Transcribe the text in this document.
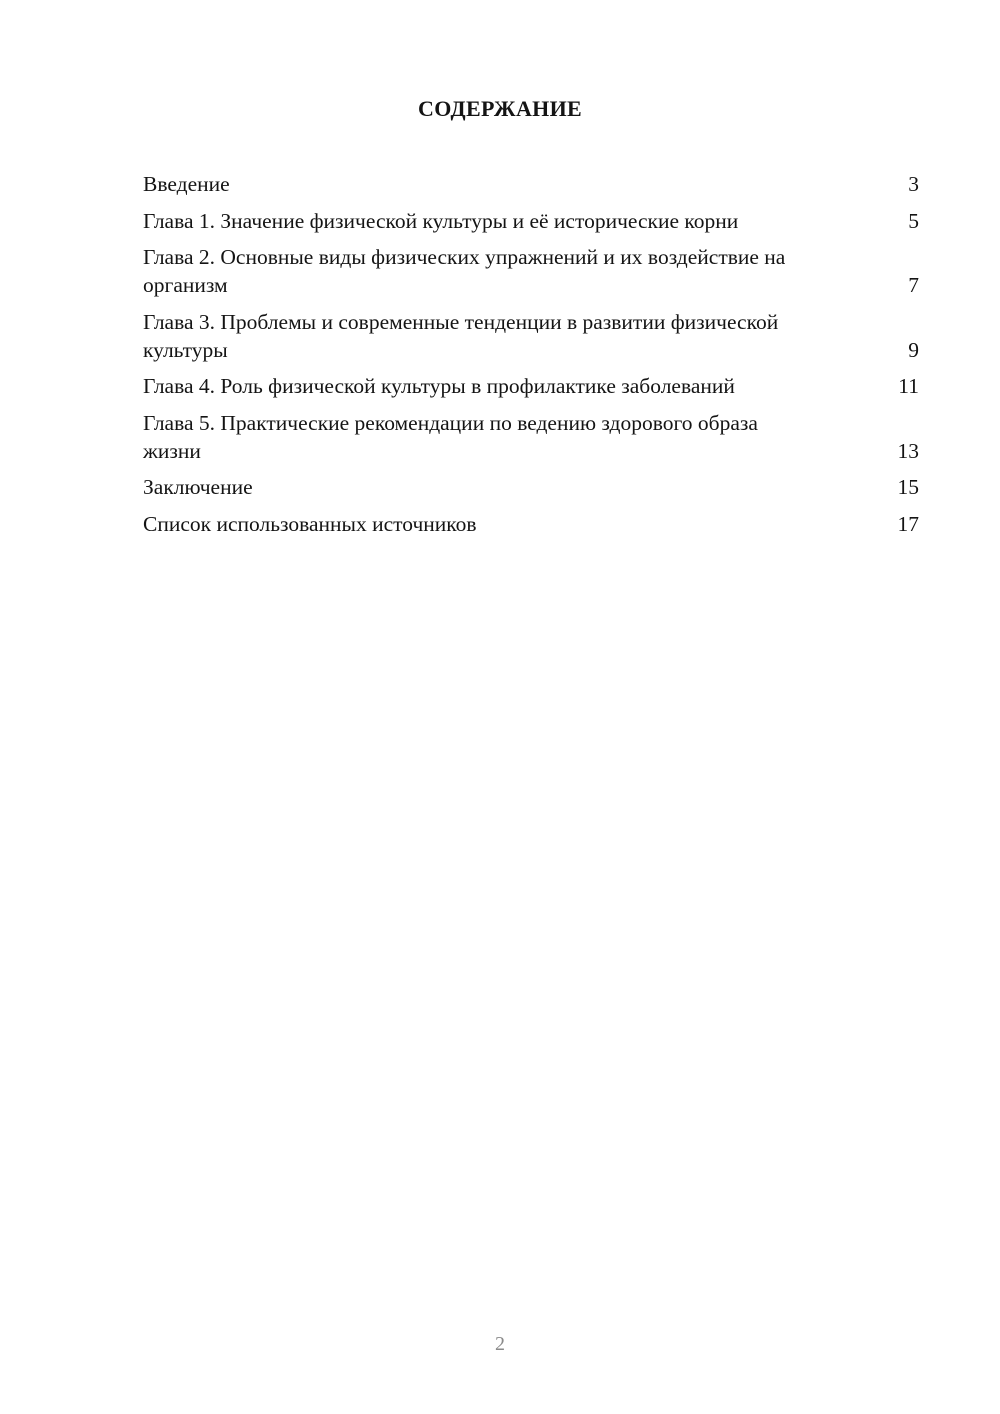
СОДЕРЖАНИЕ
Введение	3
Глава 1. Значение физической культуры и её исторические корни	5
Глава 2. Основные виды физических упражнений и их воздействие на организм	7
Глава 3. Проблемы и современные тенденции в развитии физической культуры	9
Глава 4. Роль физической культуры в профилактике заболеваний	11
Глава 5. Практические рекомендации по ведению здорового образа жизни	13
Заключение	15
Список использованных источников	17
2
